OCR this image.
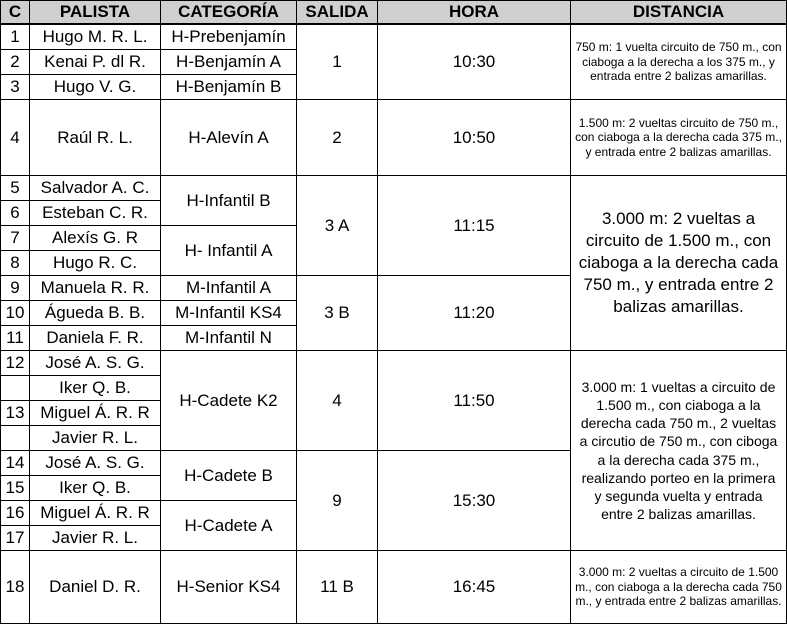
C	PALISTA	CATEGORÍA	SALIDA	HORA	DISTANCIA
1	Hugo M. R. L.	H-Prebenjamín	1	10:30	750 m: 1 vuelta circuito de 750 m., con ciaboga a la derecha a los 375 m., y entrada entre 2 balizas amarillas.
2	Kenai P. dl R.	H-Benjamín A			
3	Hugo V. G.	H-Benjamín B			
4	Raúl R. L.	H-Alevín A	2	10:50	1.500 m: 2 vueltas circuito de 750 m., con ciaboga a la derecha cada 375 m., y entrada entre 2 balizas amarillas.
5	Salvador A. C.	H-Infantil B	3 A	11:15	3.000 m: 2 vueltas a circuito de 1.500 m., con ciaboga a la derecha cada 750 m., y entrada entre 2 balizas amarillas.
6	Esteban C. R.				
7	Alexís G. R	H- Infantil A			
8	Hugo R. C.				
9	Manuela R. R.	M-Infantil A	3 B	11:20	
10	Águeda B. B.	M-Infantil KS4			
11	Daniela F. R.	M-Infantil N			
12	José A. S. G.	H-Cadete K2	4	11:50	3.000 m: 1 vueltas a circuito de 1.500 m., con ciaboga a la derecha cada 750 m., 2 vueltas a circutio de 750 m., con ciboga a la derecha cada 375 m., realizando porteo en la primera y segunda vuelta y entrada entre 2 balizas amarillas.
	Iker Q. B.				
13	Miguel Á. R. R				
	Javier R. L.				
14	José A. S. G.	H-Cadete B	9	15:30	
15	Iker Q. B.				
16	Miguel Á. R. R	H-Cadete A			
17	Javier R. L.				
18	Daniel D. R.	H-Senior KS4	11 B	16:45	3.000 m: 2 vueltas a circuito de 1.500 m., con ciaboga a la derecha cada 750 m., y entrada entre 2 balizas amarillas.
